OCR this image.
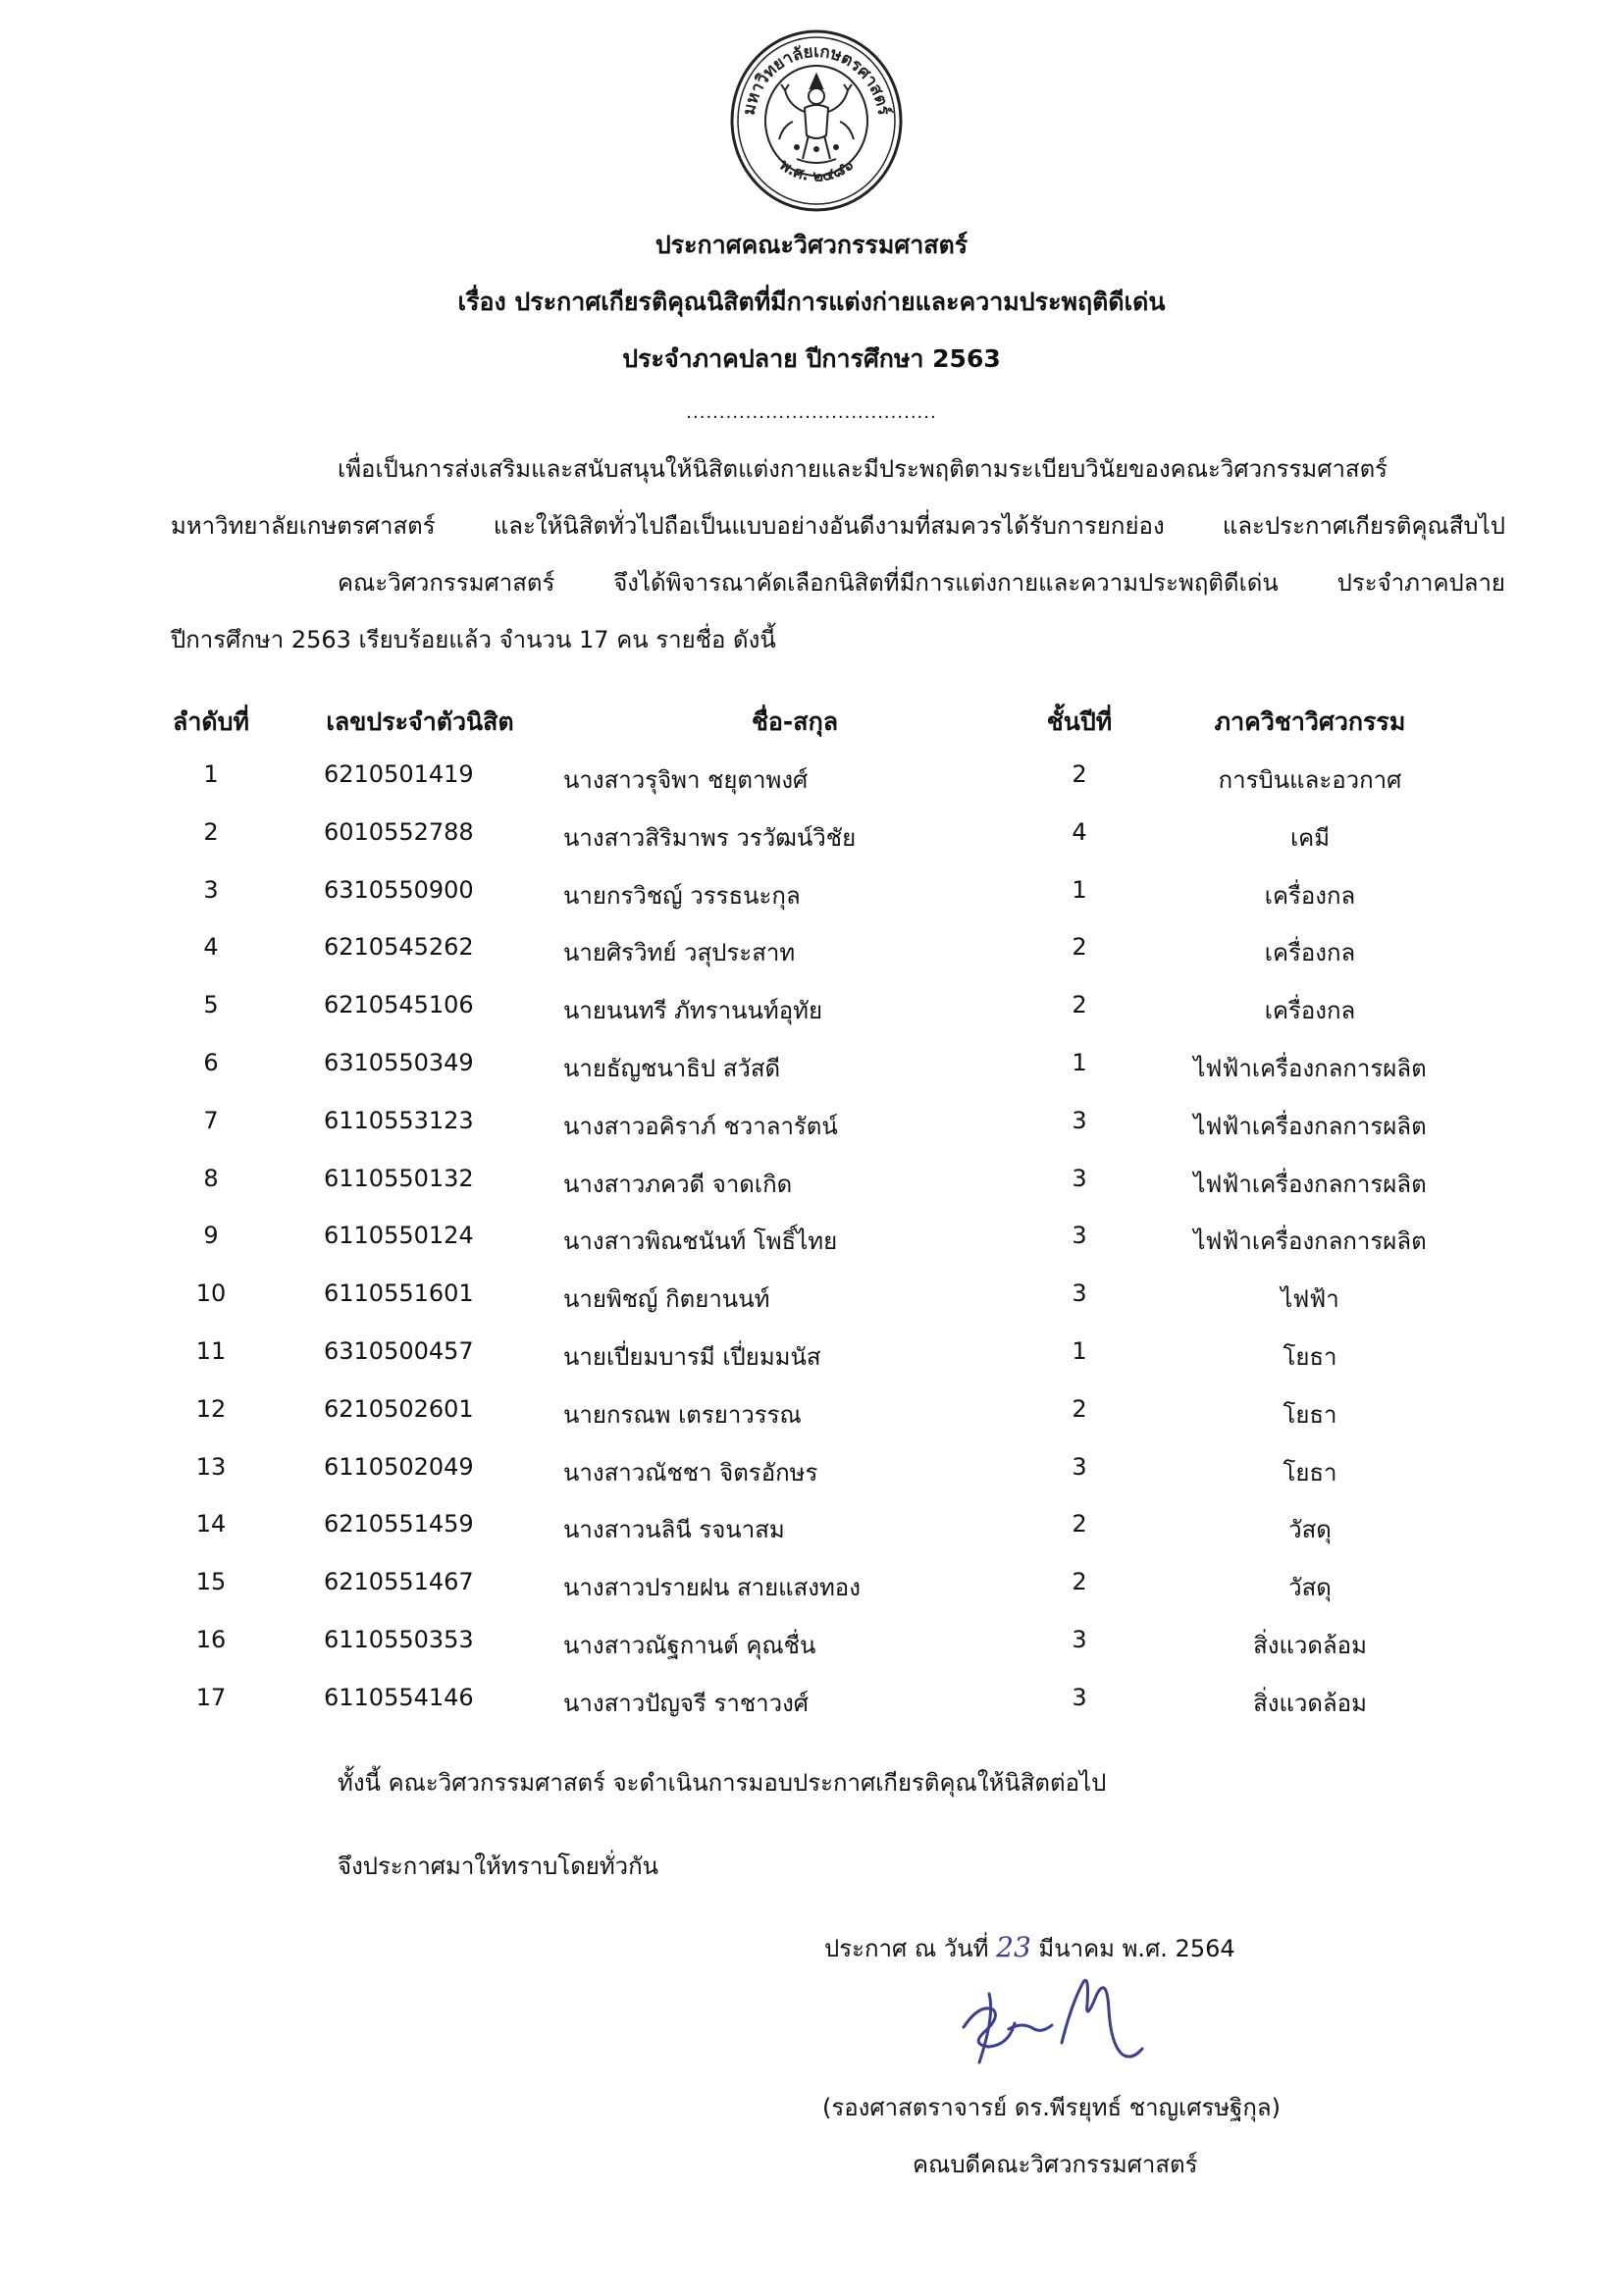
มหาวิทยาลัยเกษตรศาสตร์
พ.ศ. ๒๔๘๖
ประกาศคณะวิศวกรรมศาสตร์
เรื่อง ประกาศเกียรติคุณนิสิตที่มีการแต่งก่ายและความประพฤติดีเด่น
ประจำภาคปลาย ปีการศึกษา 2563
......................................
เพื่อเป็นการส่งเสริมและสนับสนุนให้นิสิตแต่งกายและมีประพฤติตามระเบียบวินัยของคณะวิศวกรรมศาสตร์
มหาวิทยาลัยเกษตรศาสตร์ และให้นิสิตทั่วไปถือเป็นแบบอย่างอันดีงามที่สมควรได้รับการยกย่อง และประกาศเกียรติคุณสืบไป
คณะวิศวกรรมศาสตร์ จึงได้พิจารณาคัดเลือกนิสิตที่มีการแต่งกายและความประพฤติดีเด่น ประจำภาคปลาย
ปีการศึกษา 2563 เรียบร้อยแล้ว จำนวน 17 คน รายชื่อ ดังนี้
ลำดับที่	เลขประจำตัวนิสิต	ชื่อ-สกุล	ชั้นปีที่	ภาควิชาวิศวกรรม
1	6210501419	นางสาวรุจิพา ชยุตาพงศ์	2	การบินและอวกาศ
2	6010552788	นางสาวสิริมาพร วรวัฒน์วิชัย	4	เคมี
3	6310550900	นายกรวิชญ์ วรรธนะกุล	1	เครื่องกล
4	6210545262	นายศิรวิทย์ วสุประสาท	2	เครื่องกล
5	6210545106	นายนนทรี ภัทรานนท์อุทัย	2	เครื่องกล
6	6310550349	นายธัญชนาธิป สวัสดี	1	ไฟฟ้าเครื่องกลการผลิต
7	6110553123	นางสาวอคิราภ์ ชวาลารัตน์	3	ไฟฟ้าเครื่องกลการผลิต
8	6110550132	นางสาวภควดี จาดเกิด	3	ไฟฟ้าเครื่องกลการผลิต
9	6110550124	นางสาวพิณชนันท์ โพธิ์ไทย	3	ไฟฟ้าเครื่องกลการผลิต
10	6110551601	นายพิชญ์ กิตยานนท์	3	ไฟฟ้า
11	6310500457	นายเปี่ยมบารมี เปี่ยมมนัส	1	โยธา
12	6210502601	นายกรณพ เตรยาวรรณ	2	โยธา
13	6110502049	นางสาวณัชชา จิตรอักษร	3	โยธา
14	6210551459	นางสาวนลินี รจนาสม	2	วัสดุ
15	6210551467	นางสาวปรายฝน สายแสงทอง	2	วัสดุ
16	6110550353	นางสาวณัฐกานต์ คุณชื่น	3	สิ่งแวดล้อม
17	6110554146	นางสาวปัญจรี ราชาวงศ์	3	สิ่งแวดล้อม
ทั้งนี้ คณะวิศวกรรมศาสตร์ จะดำเนินการมอบประกาศเกียรติคุณให้นิสิตต่อไป
จึงประกาศมาให้ทราบโดยทั่วกัน
ประกาศ ณ วันที่ 23 มีนาคม พ.ศ. 2564
(รองศาสตราจารย์ ดร.พีรยุทธ์ ชาญเศรษฐิกุล)
คณบดีคณะวิศวกรรมศาสตร์
